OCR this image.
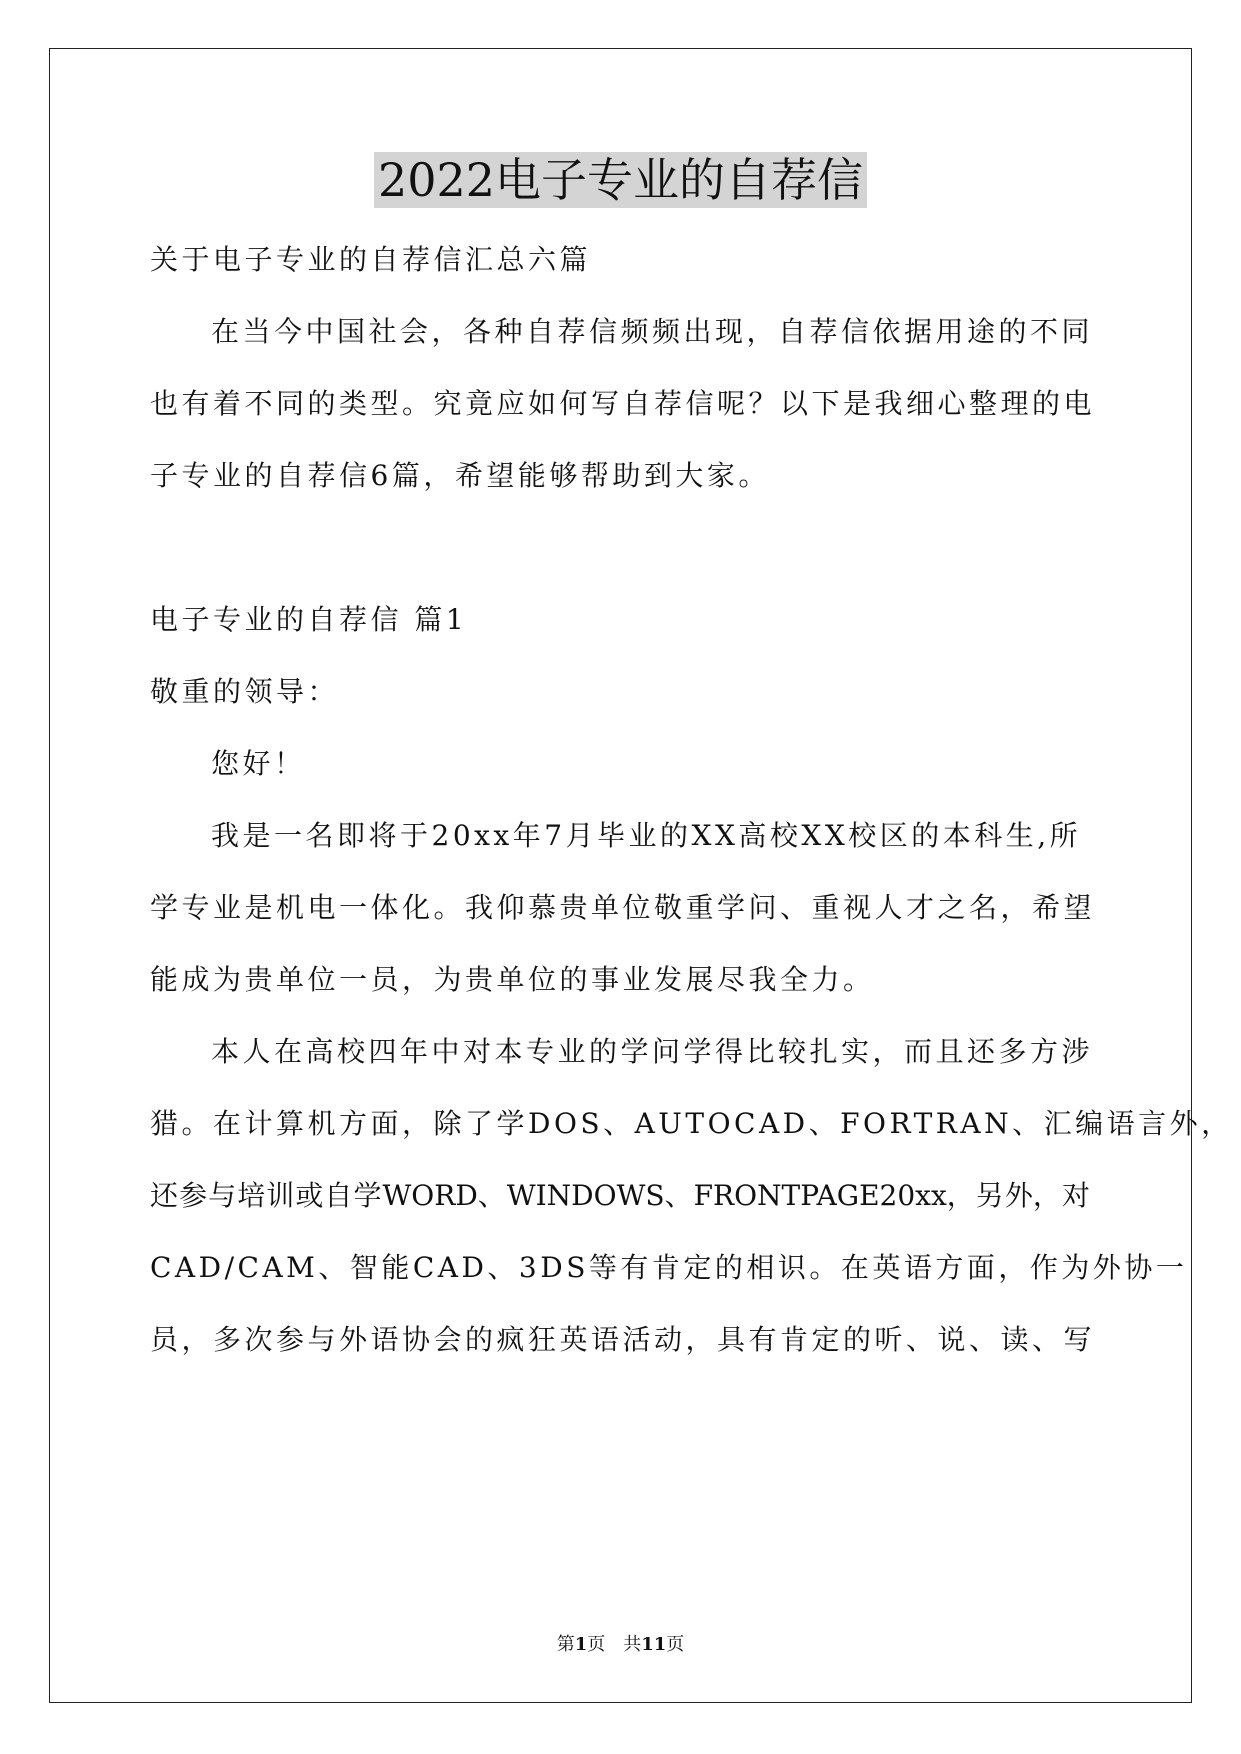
2022电子专业的自荐信
关于电子专业的自荐信汇总六篇
在当今中国社会，各种自荐信频频出现，自荐信依据用途的不同
也有着不同的类型。究竟应如何写自荐信呢？以下是我细心整理的电
子专业的自荐信6篇，希望能够帮助到大家。
电子专业的自荐信 篇1
敬重的领导：
您好！
我是一名即将于20xx年7月毕业的XX高校XX校区的本科生,所
学专业是机电一体化。我仰慕贵单位敬重学问、重视人才之名，希望
能成为贵单位一员，为贵单位的事业发展尽我全力。
本人在高校四年中对本专业的学问学得比较扎实，而且还多方涉
猎。在计算机方面，除了学DOS、AUTOCAD、FORTRAN、汇编语言外，
还 参 与 培 训 或 自 学 WORD、 WINDOWS、 FRONTPAGE20xx， 另 外， 对
CAD/CAM、智能CAD、3DS等有肯定的相识。在英语方面，作为外协一
员，多次参与外语协会的疯狂英语活动，具有肯定的听、说、读、写
第1页　共11页
